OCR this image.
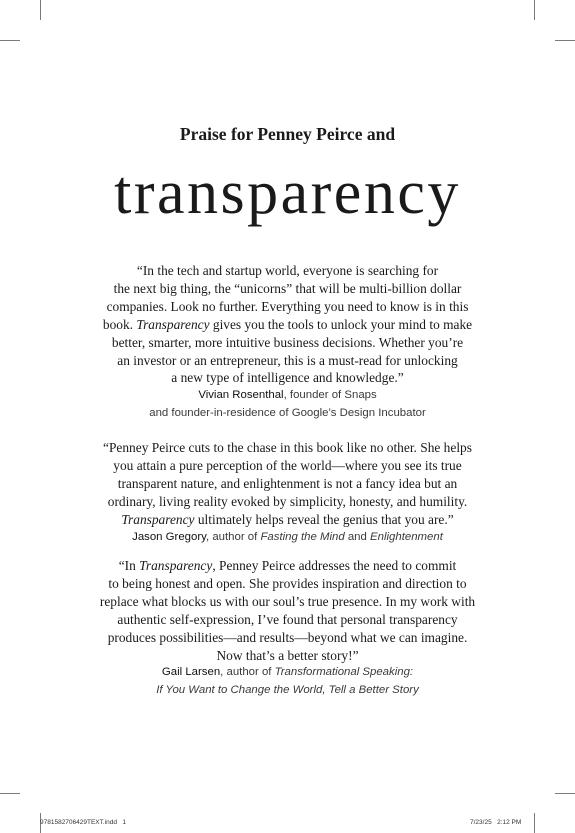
Praise for Penney Peirce and
transparency
“In the tech and startup world, everyone is searching for
the next big thing, the “unicorns” that will be multi-billion dollar
companies. Look no further. Everything you need to know is in this
book. Transparency gives you the tools to unlock your mind to make
better, smarter, more intuitive business decisions. Whether you’re
an investor or an entrepreneur, this is a must-read for unlocking
a new type of intelligence and knowledge.”
Vivian Rosenthal, founder of Snaps
and founder-in-residence of Google’s Design Incubator
“Penney Peirce cuts to the chase in this book like no other. She helps
you attain a pure perception of the world—where you see its true
transparent nature, and enlightenment is not a fancy idea but an
ordinary, living reality evoked by simplicity, honesty, and humility.
Transparency ultimately helps reveal the genius that you are.”
Jason Gregory, author of Fasting the Mind and Enlightenment
“In Transparency, Penney Peirce addresses the need to commit
to being honest and open. She provides inspiration and direction to
replace what blocks us with our soul’s true presence. In my work with
authentic self-expression, I’ve found that personal transparency
produces possibilities—and results—beyond what we can imagine.
Now that’s a better story!”
Gail Larsen, author of Transformational Speaking:
If You Want to Change the World, Tell a Better Story
9781582706429TEXT.indd   1	7/23/25   2:12 PM
